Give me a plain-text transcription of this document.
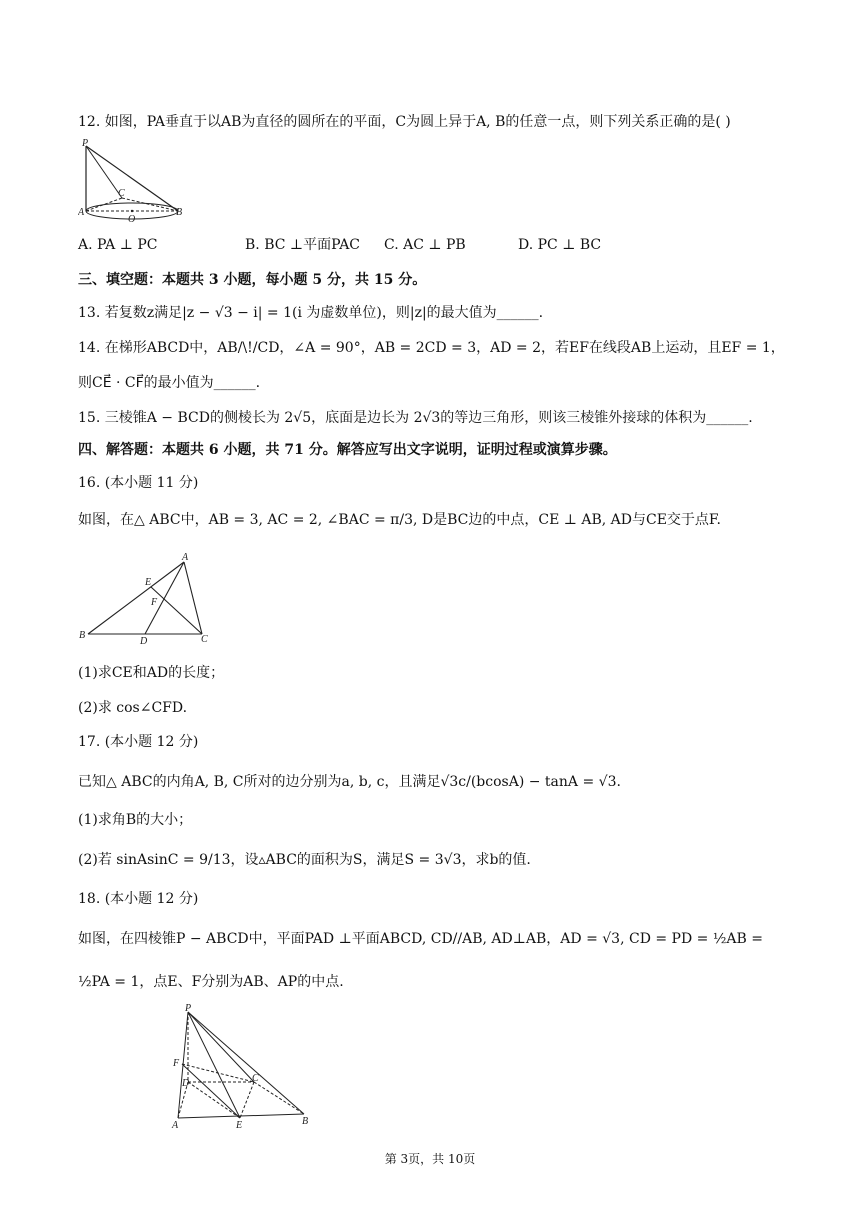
12. 如图，PA垂直于以AB为直径的圆所在的平面，C为圆上异于A, B的任意一点，则下列关系正确的是( )
P
C
A
O
B
A. PA ⊥ PC	B. BC ⊥平面PAC C. AC ⊥ PB	D. PC ⊥ BC
三、填空题：本题共 3 小题，每小题 5 分，共 15 分。
13. 若复数z满足|z − √3 − i| = 1(i 为虚数单位)，则|z|的最大值为______.
14. 在梯形ABCD中，AB/\!/CD，∠A = 90°，AB = 2CD = 3，AD = 2，若EF在线段AB上运动，且EF = 1，
则CE⃗ · CF⃗的最小值为______.
15. 三棱锥A − BCD的侧棱长为 2√5，底面是边长为 2√3的等边三角形，则该三棱锥外接球的体积为______.
四、解答题：本题共 6 小题，共 71 分。解答应写出文字说明，证明过程或演算步骤。
16. (本小题 11 分)
如图，在△ ABC中，AB = 3, AC = 2, ∠BAC = π/3, D是BC边的中点，CE ⊥ AB, AD与CE交于点F.
A
E
F
B
D	C
(1)求CE和AD的长度；
(2)求 cos∠CFD.
17. (本小题 12 分)
已知△ ABC的内角A, B, C所对的边分别为a, b, c，且满足√3c/(bcosA) − tanA = √3.
(1)求角B的大小；
(2)若 sinAsinC = 9/13，设▵ABC的面积为S，满足S = 3√3，求b的值.
18. (本小题 12 分)
如图，在四棱锥P − ABCD中，平面PAD ⊥平面ABCD, CD//AB, AD⊥AB，AD = √3, CD = PD = ½AB =
½PA = 1，点E、F分别为AB、AP的中点.
P
F
D	C
A	E	B
第 3页，共 10页
